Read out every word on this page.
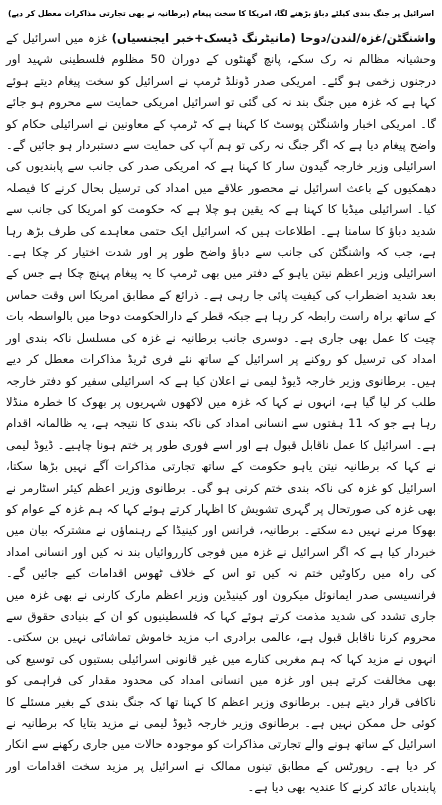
اسرائیل پر جنگ بندی کیلئے دباؤ بڑھنے لگا، امریکا کا سخت پیغام (برطانیہ نے بھی تجارتی مذاکرات معطل کر دیے)

واشنگٹن/غزہ/لندن/دوحا (مانیٹرنگ ڈیسک+خبر ایجنسیاں) غزہ میں اسرائیل کے وحشیانہ مظالم نہ رک سکے، پانچ گھنٹوں کے دوران 50 مظلوم فلسطینی شہید اور درجنوں زخمی ہو گئے۔ امریکی صدر ڈونلڈ ٹرمپ نے اسرائیل کو سخت پیغام دیتے ہوئے کہا ہے کہ غزہ میں جنگ بند نہ کی گئی تو اسرائیل امریکی حمایت سے محروم ہو جائے گا۔ امریکی اخبار واشنگٹن پوسٹ کا کہنا ہے کہ ٹرمپ کے معاونین نے اسرائیلی حکام کو واضح پیغام دیا ہے کہ اگر جنگ نہ رکی تو ہم آپ کی حمایت سے دستبردار ہو جائیں گے۔ اسرائیلی وزیر خارجہ گیدون سار کا کہنا ہے کہ امریکی صدر کی جانب سے پابندیوں کی دھمکیوں کے باعث اسرائیل نے محصور علاقے میں امداد کی ترسیل بحال کرنے کا فیصلہ کیا۔ اسرائیلی میڈیا کا کہنا ہے کہ یقین ہو چلا ہے کہ حکومت کو امریکا کی جانب سے شدید دباؤ کا سامنا ہے۔ اطلاعات ہیں کہ اسرائیل ایک حتمی معاہدے کی طرف بڑھ رہا ہے، جب کہ واشنگٹن کی جانب سے دباؤ واضح طور پر اور شدت اختیار کر چکا ہے۔ اسرائیلی وزیر اعظم نیتن یاہو کے دفتر میں بھی ٹرمپ کا یہ پیغام پہنچ چکا ہے جس کے بعد شدید اضطراب کی کیفیت پائی جا رہی ہے۔ ذرائع کے مطابق امریکا اس وقت حماس کے ساتھ براہ راست رابطہ کر رہا ہے جبکہ قطر کے دارالحکومت دوحا میں بالواسطہ بات چیت کا عمل بھی جاری ہے۔ دوسری جانب برطانیہ نے غزہ کی مسلسل ناکہ بندی اور امداد کی ترسیل کو روکنے پر اسرائیل کے ساتھ نئے فری ٹریڈ مذاکرات معطل کر دیے ہیں۔ برطانوی وزیر خارجہ ڈیوڈ لیمی نے اعلان کیا ہے کہ اسرائیلی سفیر کو دفتر خارجہ طلب کر لیا گیا ہے، انہوں نے کہا کہ غزہ میں لاکھوں شہریوں پر بھوک کا خطرہ منڈلا رہا ہے جو کہ 11 ہفتوں سے انسانی امداد کی ناکہ بندی کا نتیجہ ہے، یہ ظالمانہ اقدام ہے۔ اسرائیل کا عمل ناقابل قبول ہے اور اسے فوری طور پر ختم ہونا چاہیے۔ ڈیوڈ لیمی نے کہا کہ برطانیہ نیتن یاہو حکومت کے ساتھ تجارتی مذاکرات آگے نہیں بڑھا سکتا، اسرائیل کو غزہ کی ناکہ بندی ختم کرنی ہو گی۔ برطانوی وزیر اعظم کیئر اسٹارمر نے بھی غزہ کی صورتحال پر گہری تشویش کا اظہار کرتے ہوئے کہا کہ ہم غزہ کے عوام کو بھوکا مرنے نہیں دے سکتے۔ برطانیہ، فرانس اور کینیڈا کے رہنماؤں نے مشترکہ بیان میں خبردار کیا ہے کہ اگر اسرائیل نے غزہ میں فوجی کارروائیاں بند نہ کیں اور انسانی امداد کی راہ میں رکاوٹیں ختم نہ کیں تو اس کے خلاف ٹھوس اقدامات کیے جائیں گے۔ فرانسیسی صدر ایمانوئل میکرون اور کینیڈین وزیر اعظم مارک کارنی نے بھی غزہ میں جاری تشدد کی شدید مذمت کرتے ہوئے کہا کہ فلسطینیوں کو ان کے بنیادی حقوق سے محروم کرنا ناقابل قبول ہے، عالمی برادری اب مزید خاموش تماشائی نہیں بن سکتی۔ انہوں نے مزید کہا کہ ہم مغربی کنارے میں غیر قانونی اسرائیلی بستیوں کی توسیع کی بھی مخالفت کرتے ہیں اور غزہ میں انسانی امداد کی محدود مقدار کی فراہمی کو ناکافی قرار دیتے ہیں۔ برطانوی وزیر اعظم کا کہنا تھا کہ جنگ بندی کے بغیر مسئلے کا کوئی حل ممکن نہیں ہے۔ برطانوی وزیر خارجہ ڈیوڈ لیمی نے مزید بتایا کہ برطانیہ نے اسرائیل کے ساتھ ہونے والے تجارتی مذاکرات کو موجودہ حالات میں جاری رکھنے سے انکار کر دیا ہے۔ رپورٹس کے مطابق تینوں ممالک نے اسرائیل پر مزید سخت اقدامات اور پابندیاں عائد کرنے کا عندیہ بھی دیا ہے۔
